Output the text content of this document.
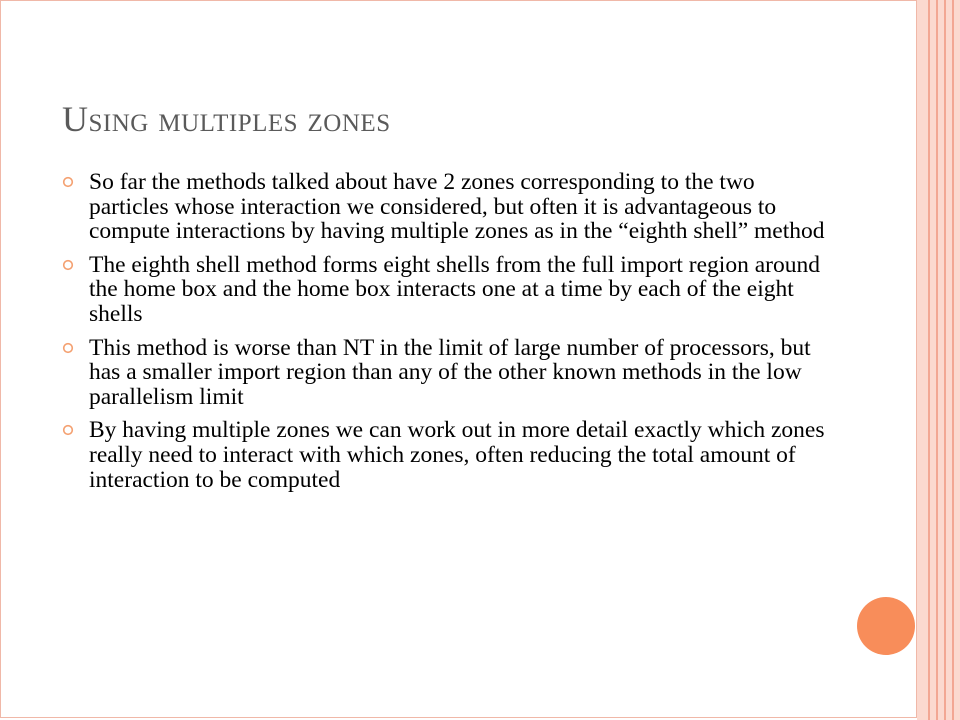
Using multiples zones
So far the methods talked about have 2 zones corresponding to the two particles whose interaction we considered, but often it is advantageous to compute interactions by having multiple zones as in the “eighth shell” method
The eighth shell method forms eight shells from the full import region around the home box and the home box interacts one at a time by each of the eight shells
This method is worse than NT in the limit of large number of processors, but has a smaller import region than any of the other known methods in the low parallelism limit
By having multiple zones we can work out in more detail exactly which zones really need to interact with which zones, often reducing the total amount of interaction to be computed
